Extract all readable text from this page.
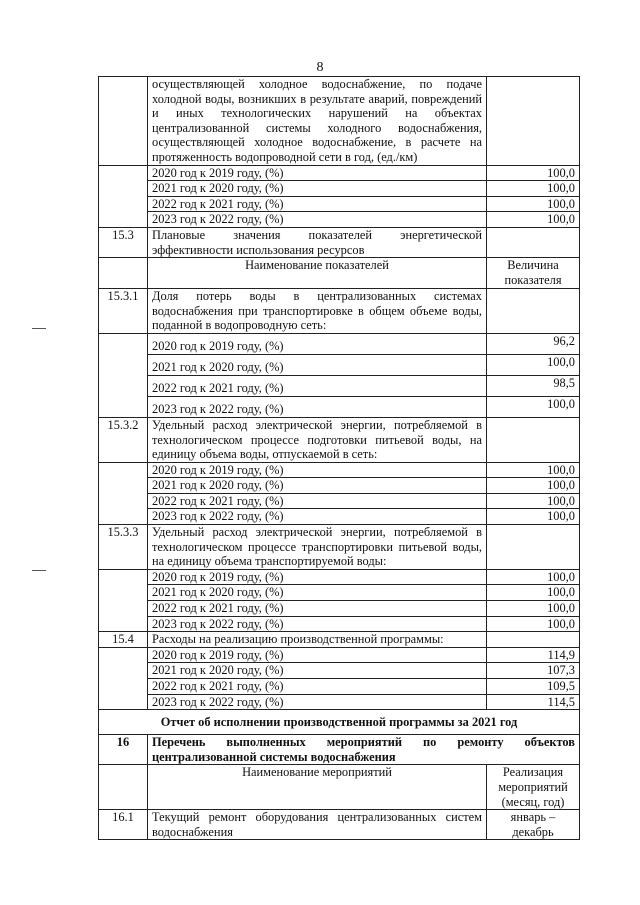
8
	осуществляющей холодное водоснабжение, по подаче холодной воды, возникших в результате аварий, повреждений и иных технологических нарушений на объектах централизованной системы холодного водоснабжения, осуществляющей холодное водоснабжение, в расчете на протяженность водопроводной сети в год, (ед./км)	
	2020 год к 2019 году, (%)	100,0
	2021 год к 2020 году, (%)	100,0
	2022 год к 2021 году, (%)	100,0
	2023 год к 2022 году, (%)	100,0
15.3	Плановые значения показателей энергетической эффективности использования ресурсов	
	Наименование показателей	Величина показателя
15.3.1	Доля потерь воды в централизованных системах водоснабжения при транспортировке в общем объеме воды, поданной в водопроводную сеть:	
	2020 год к 2019 году, (%)	96,2
	2021 год к 2020 году, (%)	100,0
	2022 год к 2021 году, (%)	98,5
	2023 год к 2022 году, (%)	100,0
15.3.2	Удельный расход электрической энергии, потребляемой в технологическом процессе подготовки питьевой воды, на единицу объема воды, отпускаемой в сеть:	
	2020 год к 2019 году, (%)	100,0
	2021 год к 2020 году, (%)	100,0
	2022 год к 2021 году, (%)	100,0
	2023 год к 2022 году, (%)	100,0
15.3.3	Удельный расход электрической энергии, потребляемой в технологическом процессе транспортировки питьевой воды, на единицу объема транспортируемой воды:	
	2020 год к 2019 году, (%)	100,0
	2021 год к 2020 году, (%)	100,0
	2022 год к 2021 году, (%)	100,0
	2023 год к 2022 году, (%)	100,0
15.4	Расходы на реализацию производственной программы:	
	2020 год к 2019 году, (%)	114,9
	2021 год к 2020 году, (%)	107,3
	2022 год к 2021 году, (%)	109,5
	2023 год к 2022 году, (%)	114,5
Отчет об исполнении производственной программы за 2021 год		
16	Перечень выполненных мероприятий по ремонту объектов централизованной системы водоснабжения	
	Наименование мероприятий	Реализация мероприятий (месяц, год)
16.1	Текущий ремонт оборудования централизованных систем водоснабжения	январь – декабрь
